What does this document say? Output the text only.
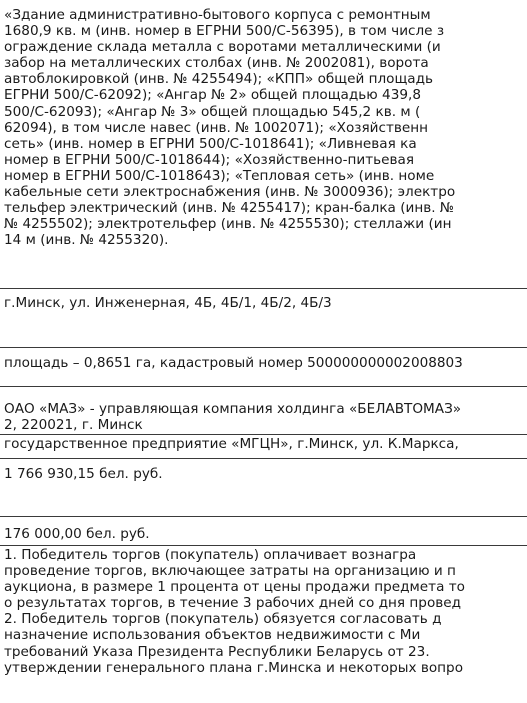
«Здание административно-бытового корпуса с ремонтным
1680,9 кв. м (инв. номер в ЕГРНИ 500/С-56395), в том числе з
ограждение склада металла с воротами металлическими (и
забор на металлических столбах (инв. № 2002081), ворота
автоблокировкой (инв. № 4255494); «КПП» общей площадь
ЕГРНИ 500/С-62092); «Ангар № 2» общей площадью 439,8
500/С-62093); «Ангар № 3» общей площадью 545,2 кв. м (
62094), в том числе навес (инв. № 1002071); «Хозяйственн
сеть» (инв. номер в ЕГРНИ 500/С-1018641); «Ливневая ка
номер в ЕГРНИ 500/С-1018644); «Хозяйственно-питьевая
номер в ЕГРНИ 500/С-1018643); «Тепловая сеть» (инв. номе
кабельные сети электроснабжения (инв. № 3000936); электро
тельфер электрический (инв. № 4255417); кран-балка (инв. №
№ 4255502); электротельфер (инв. № 4255530); стеллажи (ин
14 м (инв. № 4255320).
г.Минск, ул. Инженерная, 4Б, 4Б/1, 4Б/2, 4Б/3
площадь – 0,8651 га, кадастровый номер 500000000002008803
ОАО «МАЗ» - управляющая компания холдинга «БЕЛАВТОМАЗ»
2, 220021, г. Минск
государственное предприятие «МГЦН», г.Минск, ул. К.Маркса,
1 766 930,15 бел. руб.
176 000,00 бел. руб.
1. Победитель торгов (покупатель) оплачивает вознагра
проведение торгов, включающее затраты на организацию и п
аукциона, в размере 1 процента от цены продажи предмета то
о результатах торгов, в течение 3 рабочих дней со дня провед
2. Победитель торгов (покупатель) обязуется согласовать д
назначение использования объектов недвижимости с Ми
требований Указа Президента Республики Беларусь от 23.
утверждении генерального плана г.Минска и некоторых вопро
